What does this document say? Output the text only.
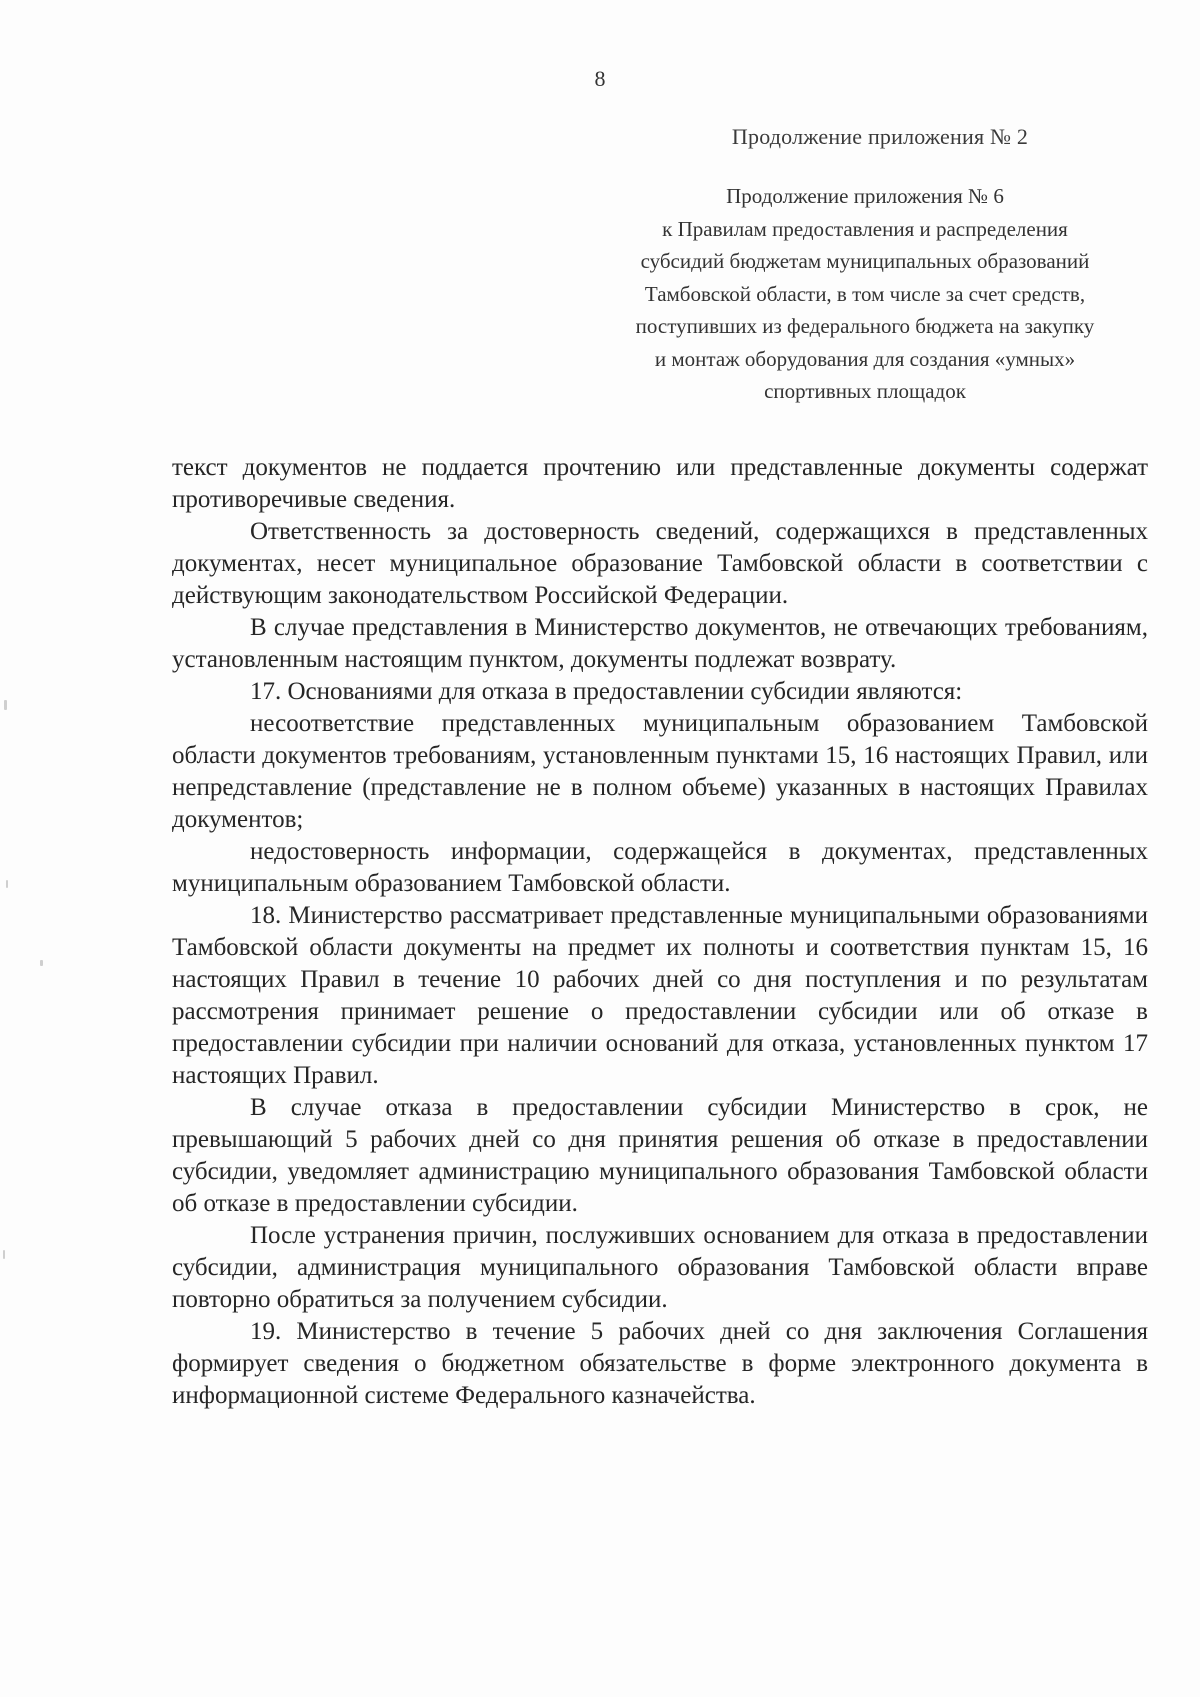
8
Продолжение приложения № 2
Продолжение приложения № 6
к Правилам предоставления и распределения
субсидий бюджетам муниципальных образований
Тамбовской области, в том числе за счет средств,
поступивших из федерального бюджета на закупку
и монтаж оборудования для создания «умных»
спортивных площадок

текст документов не поддается прочтению или представленные документы содержат противоречивые сведения.

Ответственность за достоверность сведений, содержащихся в представленных документах, несет муниципальное образование Тамбовской области в соответствии с действующим законодательством Российской Федерации.

В случае представления в Министерство документов, не отвечающих требованиям, установленным настоящим пунктом, документы подлежат возврату.

17. Основаниями для отказа в предоставлении субсидии являются:

несоответствие представленных муниципальным образованием Тамбовской области документов требованиям, установленным пунктами 15, 16 настоящих Правил, или непредставление (представление не в полном объеме) указанных в настоящих Правилах документов;

недостоверность информации, содержащейся в документах, представленных муниципальным образованием Тамбовской области.

18. Министерство рассматривает представленные муниципальными образованиями Тамбовской области документы на предмет их полноты и соответствия пунктам 15, 16 настоящих Правил в течение 10 рабочих дней со дня поступления и по результатам рассмотрения принимает решение о предоставлении субсидии или об отказе в предоставлении субсидии при наличии оснований для отказа, установленных пунктом 17 настоящих Правил.

В случае отказа в предоставлении субсидии Министерство в срок, не превышающий 5 рабочих дней со дня принятия решения об отказе в предоставлении субсидии, уведомляет администрацию муниципального образования Тамбовской области об отказе в предоставлении субсидии.

После устранения причин, послуживших основанием для отказа в предоставлении субсидии, администрация муниципального образования Тамбовской области вправе повторно обратиться за получением субсидии.

19. Министерство в течение 5 рабочих дней со дня заключения Соглашения формирует сведения о бюджетном обязательстве в форме электронного документа в информационной системе Федерального казначейства.
